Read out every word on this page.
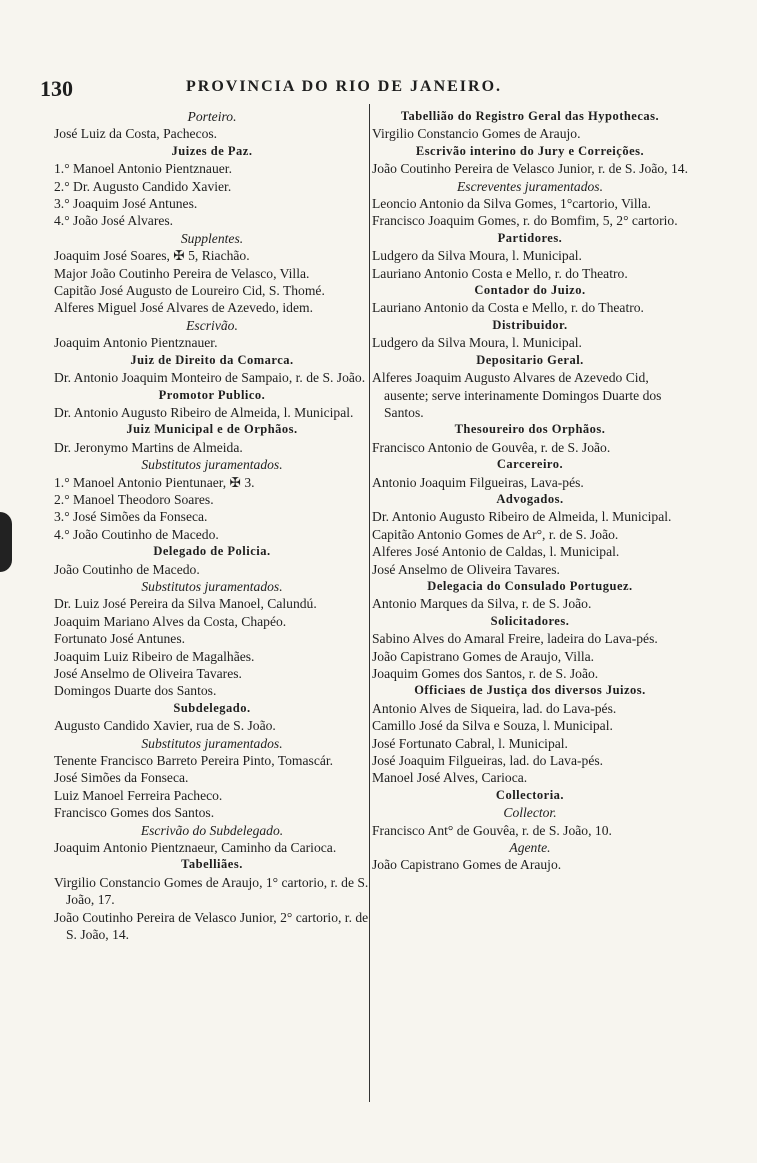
130	PROVINCIA DO RIO DE JANEIRO.
Porteiro.
José Luiz da Costa, Pachecos.
Juizes de Paz.
1.° Manoel Antonio Pientznauer.
2.° Dr. Augusto Candido Xavier.
3.° Joaquim José Antunes.
4.° João José Alvares.
Supplentes.
Joaquim José Soares, ✠ 5, Riachão.
Major João Coutinho Pereira de Velasco, Villa.
Capitão José Augusto de Loureiro Cid, S. Thomé.
Alferes Miguel José Alvares de Azevedo, idem.
Escrivão.
Joaquim Antonio Pientznauer.
Juiz de Direito da Comarca.
Dr. Antonio Joaquim Monteiro de Sampaio, r. de S. João.
Promotor Publico.
Dr. Antonio Augusto Ribeiro de Almeida, l. Municipal.
Juiz Municipal e de Orphãos.
Dr. Jeronymo Martins de Almeida.
Substitutos juramentados.
1.° Manoel Antonio Pientunaer, ✠ 3.
2.° Manoel Theodoro Soares.
3.° José Simões da Fonseca.
4.° João Coutinho de Macedo.
Delegado de Policia.
João Coutinho de Macedo.
Substitutos juramentados.
Dr. Luiz José Pereira da Silva Manoel, Calundú.
Joaquim Mariano Alves da Costa, Chapéo.
Fortunato José Antunes.
Joaquim Luiz Ribeiro de Magalhães.
José Anselmo de Oliveira Tavares.
Domingos Duarte dos Santos.
Subdelegado.
Augusto Candido Xavier, rua de S. João.
Substitutos juramentados.
Tenente Francisco Barreto Pereira Pinto, Tomascár.
José Simões da Fonseca.
Luiz Manoel Ferreira Pacheco.
Francisco Gomes dos Santos.
Escrivão do Subdelegado.
Joaquim Antonio Pientznaeur, Caminho da Carioca.
Tabelliães.
Virgilio Constancio Gomes de Araujo, 1° cartorio, r. de S. João, 17.
João Coutinho Pereira de Velasco Junior, 2° cartorio, r. de S. João, 14.
Tabellião do Registro Geral das Hypothecas.
Virgilio Constancio Gomes de Araujo.
Escrivão interino do Jury e Correições.
João Coutinho Pereira de Velasco Junior, r. de S. João, 14.
Escreventes juramentados.
Leoncio Antonio da Silva Gomes, 1°cartorio, Villa.
Francisco Joaquim Gomes, r. do Bomfim, 5, 2° cartorio.
Partidores.
Ludgero da Silva Moura, l. Municipal.
Lauriano Antonio Costa e Mello, r. do Theatro.
Contador do Juizo.
Lauriano Antonio da Costa e Mello, r. do Theatro.
Distribuidor.
Ludgero da Silva Moura, l. Municipal.
Depositario Geral.
Alferes Joaquim Augusto Alvares de Azevedo Cid, ausente; serve interinamente Domingos Duarte dos Santos.
Thesoureiro dos Orphãos.
Francisco Antonio de Gouvêa, r. de S. João.
Carcereiro.
Antonio Joaquim Filgueiras, Lava-pés.
Advogados.
Dr. Antonio Augusto Ribeiro de Almeida, l. Municipal.
Capitão Antonio Gomes de Ar°, r. de S. João.
Alferes José Antonio de Caldas, l. Municipal.
José Anselmo de Oliveira Tavares.
Delegacia do Consulado Portuguez.
Antonio Marques da Silva, r. de S. João.
Solicitadores.
Sabino Alves do Amaral Freire, ladeira do Lava-pés.
João Capistrano Gomes de Araujo, Villa.
Joaquim Gomes dos Santos, r. de S. João.
Officiaes de Justiça dos diversos Juizos.
Antonio Alves de Siqueira, lad. do Lava-pés.
Camillo José da Silva e Souza, l. Municipal.
José Fortunato Cabral, l. Municipal.
José Joaquim Filgueiras, lad. do Lava-pés.
Manoel José Alves, Carioca.
Collectoria.
Collector.
Francisco Ant° de Gouvêa, r. de S. João, 10.
Agente.
João Capistrano Gomes de Araujo.
